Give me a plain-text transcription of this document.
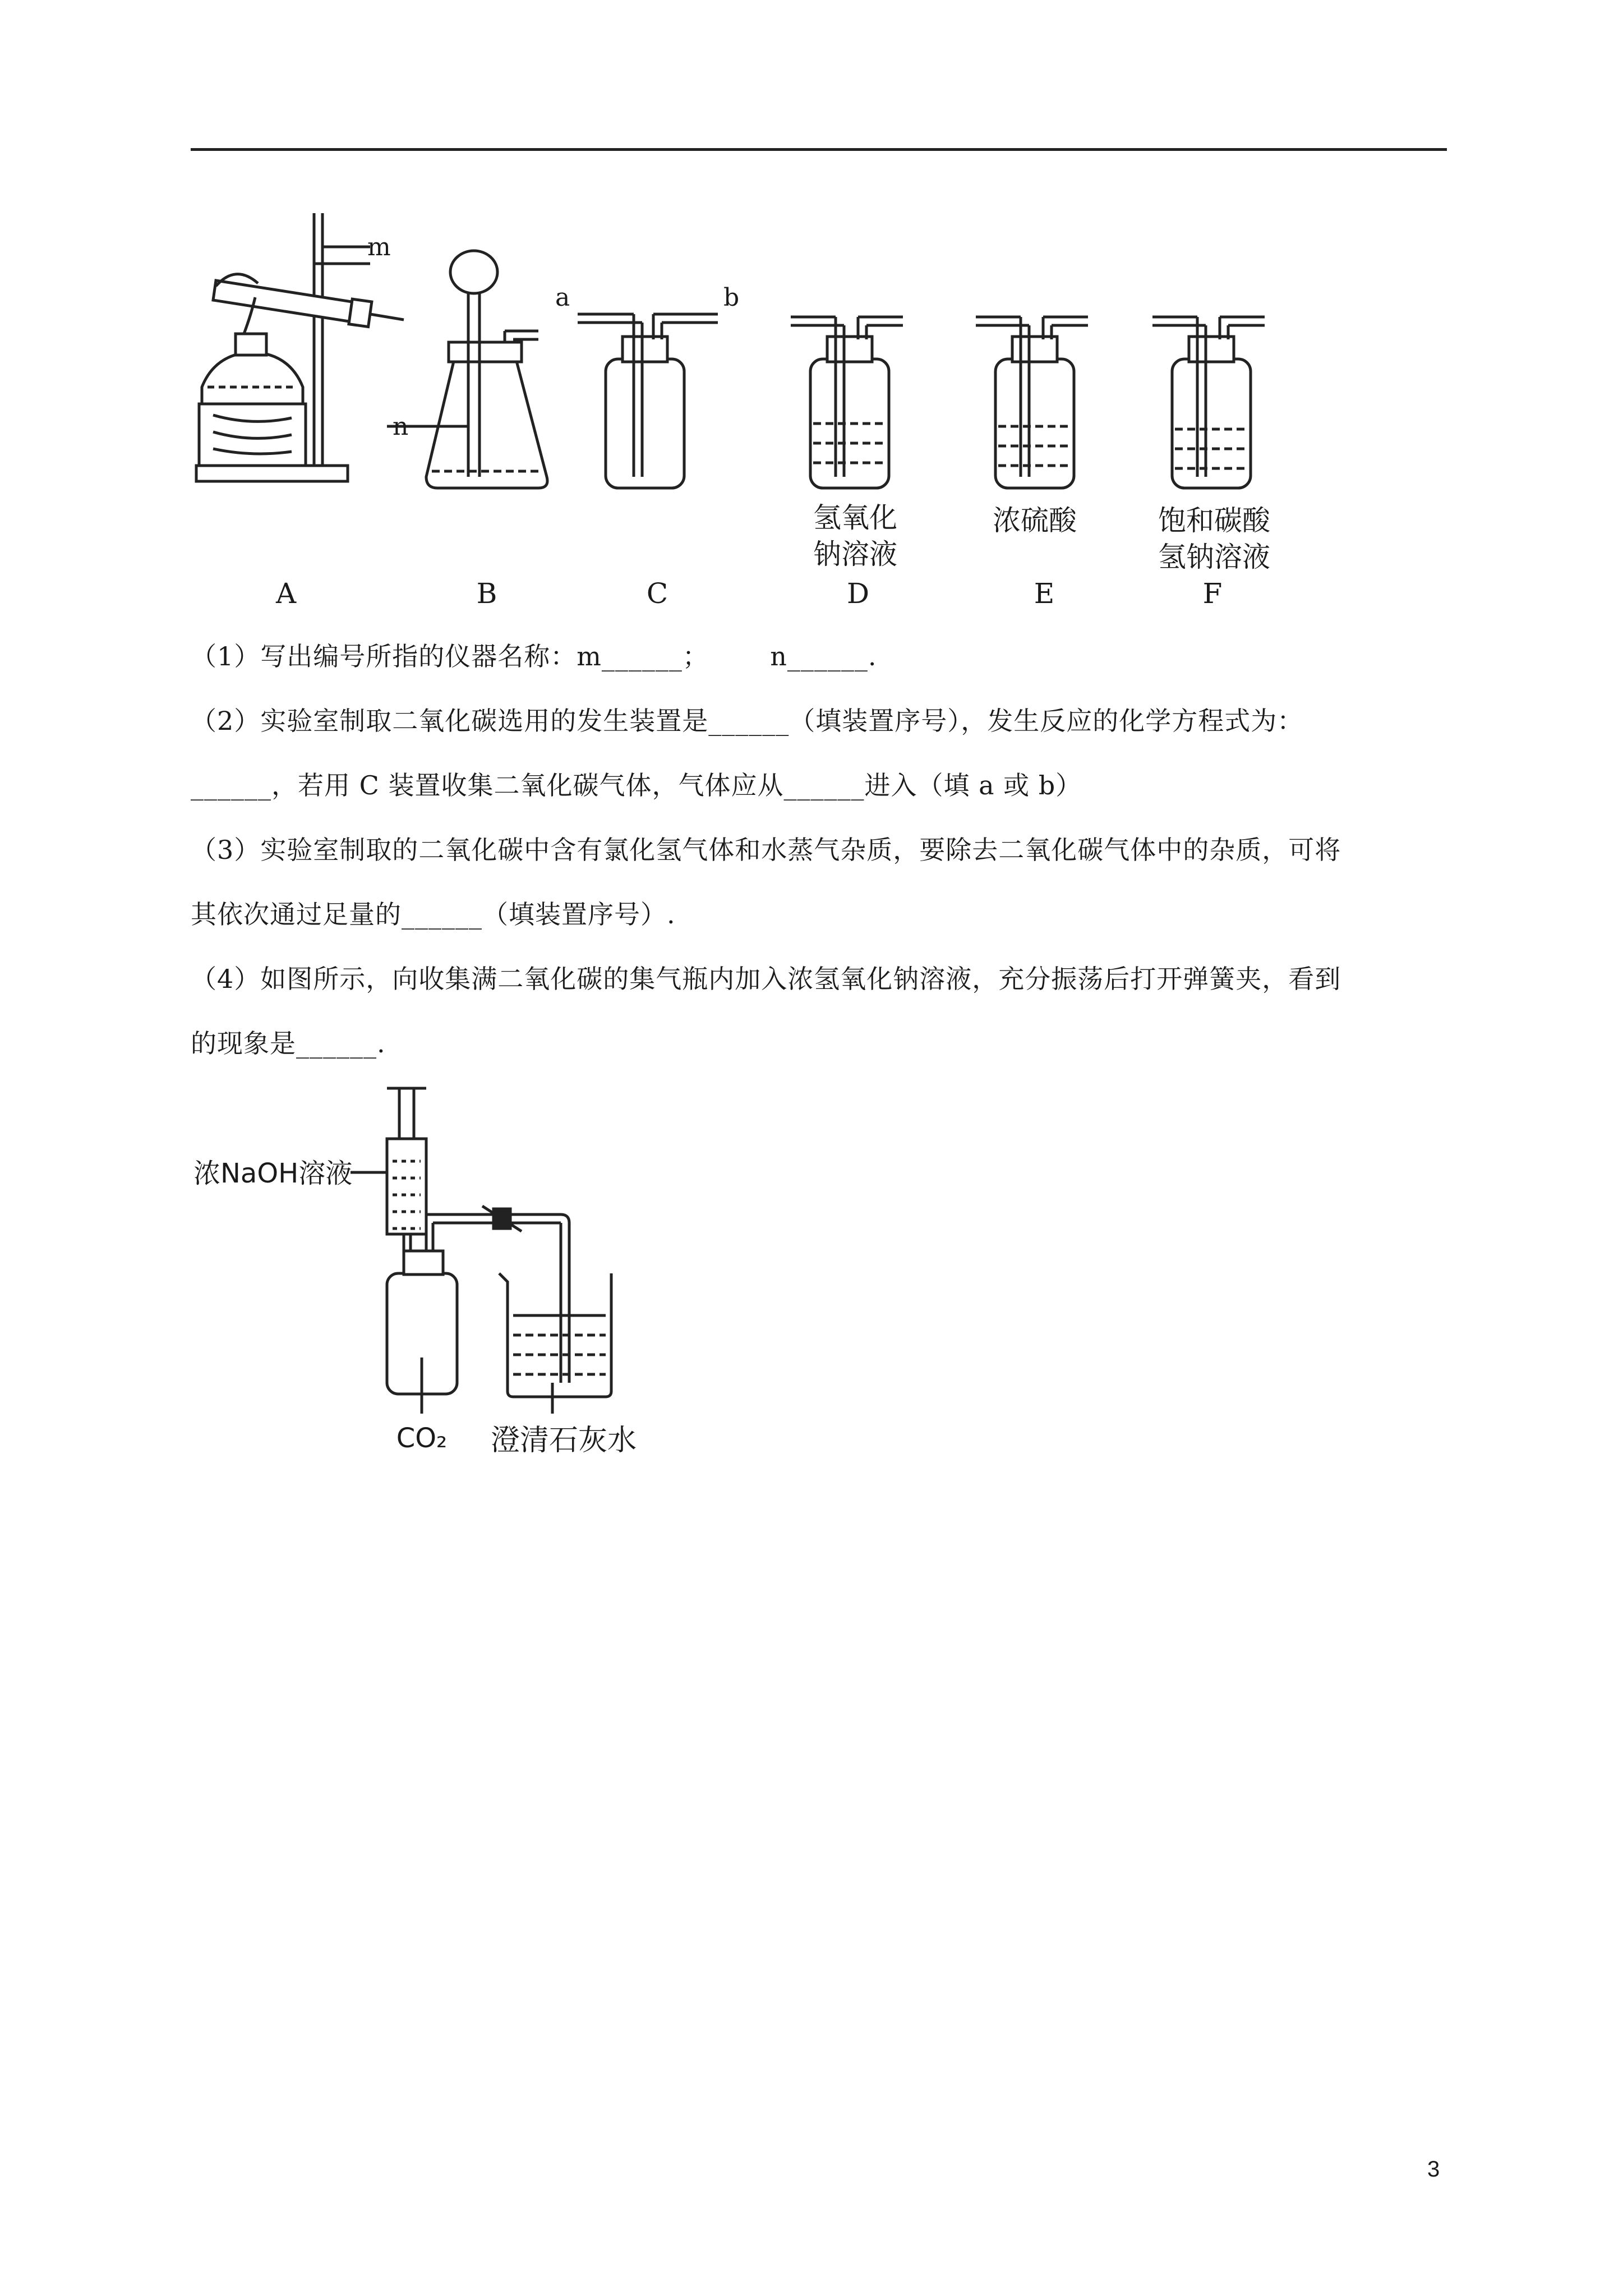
m
n
a	b
A	B	C	D	E	F
氢氧化
钠溶液
浓硫酸	饱和碳酸
氢钠溶液
（1）写出编号所指的仪器名称：m______；       n______.
（2）实验室制取二氧化碳选用的发生装置是______（填装置序号），发生反应的化学方程式为：
______，若用 C 装置收集二氧化碳气体，气体应从______进入（填 a 或 b）
（3）实验室制取的二氧化碳中含有氯化氢气体和水蒸气杂质，要除去二氧化碳气体中的杂质，可将
其依次通过足量的______（填装置序号）.
（4）如图所示，向收集满二氧化碳的集气瓶内加入浓氢氧化钠溶液，充分振荡后打开弹簧夹，看到
的现象是______.
浓NaOH溶液
CO₂ 澄清石灰水
3
